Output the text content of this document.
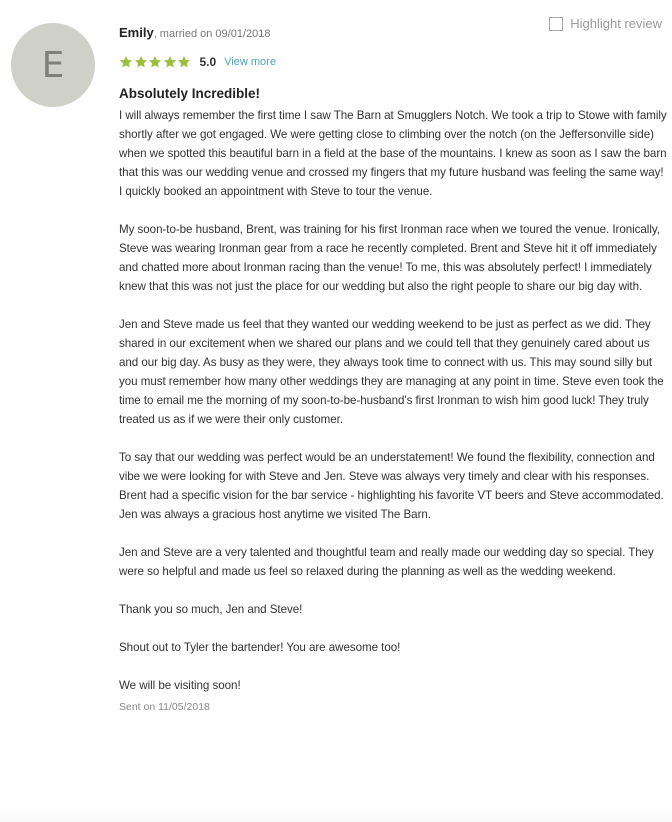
E
Highlight review
Emily, married on 09/01/2018
5.0 View more
Absolutely Incredible!

I will always remember the first time I saw The Barn at Smugglers Notch. We took a trip to Stowe with family shortly after we got engaged. We were getting close to climbing over the notch (on the Jeffersonville side) when we spotted this beautiful barn in a field at the base of the mountains. I knew as soon as I saw the barn that this was our wedding venue and crossed my fingers that my future husband was feeling the same way! I quickly booked an appointment with Steve to tour the venue.

My soon-to-be husband, Brent, was training for his first Ironman race when we toured the venue. Ironically, Steve was wearing Ironman gear from a race he recently completed. Brent and Steve hit it off immediately and chatted more about Ironman racing than the venue! To me, this was absolutely perfect! I immediately knew that this was not just the place for our wedding but also the right people to share our big day with.

Jen and Steve made us feel that they wanted our wedding weekend to be just as perfect as we did. They shared in our excitement when we shared our plans and we could tell that they genuinely cared about us and our big day. As busy as they were, they always took time to connect with us. This may sound silly but you must remember how many other weddings they are managing at any point in time. Steve even took the time to email me the morning of my soon-to-be-husband's first Ironman to wish him good luck! They truly treated us as if we were their only customer.

To say that our wedding was perfect would be an understatement! We found the flexibility, connection and vibe we were looking for with Steve and Jen. Steve was always very timely and clear with his responses. Brent had a specific vision for the bar service - highlighting his favorite VT beers and Steve accommodated. Jen was always a gracious host anytime we visited The Barn.

Jen and Steve are a very talented and thoughtful team and really made our wedding day so special. They were so helpful and made us feel so relaxed during the planning as well as the wedding weekend.

Thank you so much, Jen and Steve!

Shout out to Tyler the bartender! You are awesome too!

We will be visiting soon!

Sent on 11/05/2018
